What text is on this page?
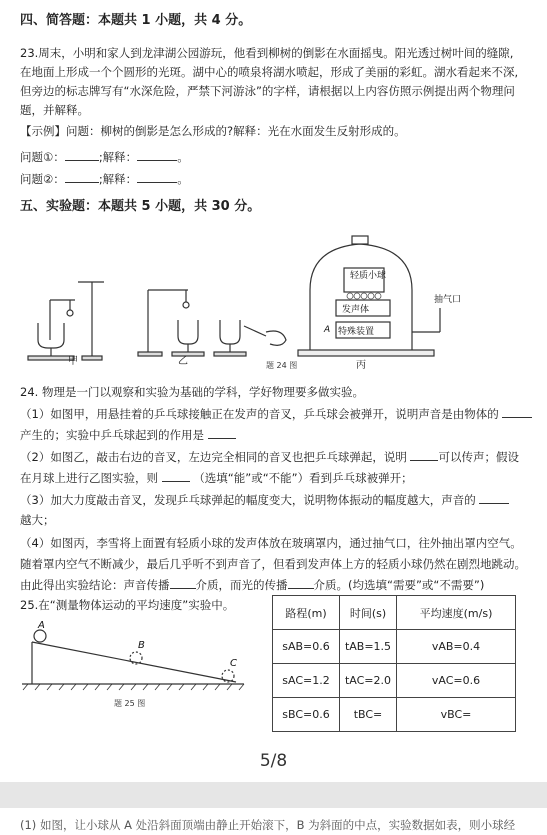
四、简答题：本题共 1 小题，共 4 分。
23.周末，小明和家人到龙津湖公园游玩，他看到柳树的倒影在水面摇曳。阳光透过树叶间的缝隙,
在地面上形成一个个圆形的光斑。湖中心的喷泉将湖水喷起，形成了美丽的彩虹。湖水看起来不深,
但旁边的标志牌写有“水深危险，严禁下河游泳”的字样，请根据以上内容仿照示例提出两个物理问
题，并解释。
【示例】问题：柳树的倒影是怎么形成的?解释：光在水面发生反射形成的。
问题①：	;解释：	。
问题②：	;解释：	。
五、实验题：本题共 5 小题，共 30 分。
甲	乙	题 24 图
轻质小球
发声体
特殊装置
A
抽气口
丙
24. 物理是一门以观察和实验为基础的学科，学好物理要多做实验。
（1）如图甲，用悬挂着的乒乓球接触正在发声的音叉，乒乓球会被弹开，说明声音是由物体的
产生的；实验中乒乓球起到的作用是
（2）如图乙，敲击右边的音叉，左边完全相同的音叉也把乒乓球弹起，说明	可以传声；假设
在月球上进行乙图实验，则	（选填“能”或“不能”）看到乒乓球被弹开；
（3）加大力度敲击音叉，发现乒乓球弹起的幅度变大，说明物体振动的幅度越大，声音的
越大；
（4）如图丙，李雪将上面置有轻质小球的发声体放在玻璃罩内，通过抽气口，往外抽出罩内空气。
随着罩内空气不断减少，最后几乎听不到声音了，但看到发声体上方的轻质小球仍然在剧烈地跳动。
由此得出实验结论：声音传播 介质，而光的传播 介质。(均选填“需要”或“不需要”)
25.在“测量物体运动的平均速度”实验中。
A
B
C
题 25 图
路程(m)	时间(s)	平均速度(m/s)
sAB=0.6	tAB=1.5	vAB=0.4
sAC=1.2	tAC=2.0	vAC=0.6
sBC=0.6	tBC=	vBC=
5/8
(1) 如图，让小球从 A 处沿斜面顶端由静止开始滚下，B 为斜面的中点，实验数据如表，则小球经
